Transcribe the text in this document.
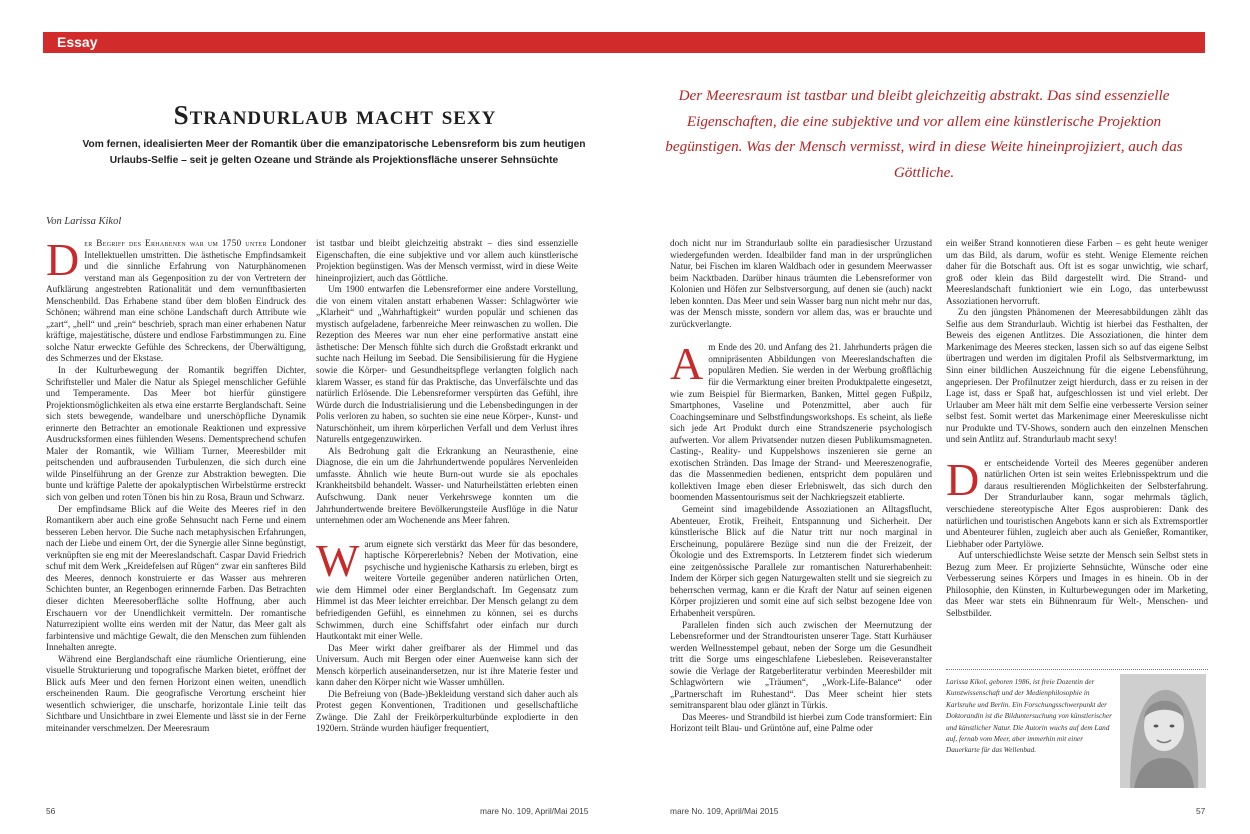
Essay
Strandurlaub macht sexy
Vom fernen, idealisierten Meer der Romantik über die emanzipatorische Lebensreform bis zum heutigen Urlaubs-Selfie – seit je gelten Ozeane und Strände als Projektionsfläche unserer Sehnsüchte
Der Meeresraum ist tastbar und bleibt gleichzeitig abstrakt. Das sind essenzielle Eigenschaften, die eine subjektive und vor allem eine künstlerische Projektion begünstigen. Was der Mensch vermisst, wird in diese Weite hineinprojiziert, auch das Göttliche.
Von Larissa Kikol

Der Begriff des Erhabenen war um 1750 unter Londoner Intellektuellen umstritten. Die ästhetische Empfindsamkeit und die sinnliche Erfahrung von Naturphänomenen verstand man als Gegenposition zu der von Vertretern der Aufklärung angestrebten Rationalität und dem vernunftbasierten Menschenbild. Das Erhabene stand über dem bloßen Eindruck des Schönen; während man eine schöne Landschaft durch Attribute wie „zart“, „hell“ und „rein“ beschrieb, sprach man einer erhabenen Natur kräftige, majestätische, düstere und endlose Farbstimmungen zu. Eine solche Natur erweckte Gefühle des Schreckens, der Überwältigung, des Schmerzes und der Ekstase.

In der Kulturbewegung der Romantik begriffen Dichter, Schriftsteller und Maler die Natur als Spiegel menschlicher Gefühle und Temperamente. Das Meer bot hierfür günstigere Projektionsmöglichkeiten als etwa eine erstarrte Berglandschaft. Seine sich stets bewegende, wandelbare und unerschöpfliche Dynamik erinnerte den Betrachter an emotionale Reaktionen und expressive Ausdrucksformen eines fühlenden Wesens. Dementsprechend schufen Maler der Romantik, wie William Turner, Meeresbilder mit peitschenden und aufbrausenden Turbulenzen, die sich durch eine wilde Pinselführung an der Grenze zur Abstraktion bewegten. Die bunte und kräftige Palette der apokalyptischen Wirbelstürme erstreckt sich von gelben und roten Tönen bis hin zu Rosa, Braun und Schwarz.

Der empfindsame Blick auf die Weite des Meeres rief in den Romantikern aber auch eine große Sehnsucht nach Ferne und einem besseren Leben hervor. Die Suche nach metaphysischen Erfahrungen, nach der Liebe und einem Ort, der die Synergie aller Sinne begünstigt, verknüpften sie eng mit der Meereslandschaft. Caspar David Friedrich schuf mit dem Werk „Kreidefelsen auf Rügen“ zwar ein sanfteres Bild des Meeres, dennoch konstruierte er das Wasser aus mehreren Schichten bunter, an Regenbogen erinnernde Farben. Das Betrachten dieser dichten Meeresoberfläche sollte Hoffnung, aber auch Erschauern vor der Unendlichkeit vermitteln. Der romantische Naturrezipient wollte eins werden mit der Natur, das Meer galt als farbintensive und mächtige Gewalt, die den Menschen zum fühlenden Innehalten anregte.

Während eine Berglandschaft eine räumliche Orientierung, eine visuelle Strukturierung und topografische Marken bietet, eröffnet der Blick aufs Meer und den fernen Horizont einen weiten, unendlich erscheinenden Raum. Die geografische Verortung erscheint hier wesentlich schwieriger, die unscharfe, horizontale Linie teilt das Sichtbare und Unsichtbare in zwei Elemente und lässt sie in der Ferne miteinander verschmelzen. Der Meeresraum

ist tastbar und bleibt gleichzeitig abstrakt – dies sind essenzielle Eigenschaften, die eine subjektive und vor allem auch künstlerische Projektion begünstigen. Was der Mensch vermisst, wird in diese Weite hineinprojiziert, auch das Göttliche.

Um 1900 entwarfen die Lebensreformer eine andere Vorstellung, die von einem vitalen anstatt erhabenen Wasser: Schlagwörter wie „Klarheit“ und „Wahrhaftigkeit“ wurden populär und schienen das mystisch aufgeladene, farbenreiche Meer reinwaschen zu wollen. Die Rezeption des Meeres war nun eher eine performative anstatt eine ästhetische: Der Mensch fühlte sich durch die Großstadt erkrankt und suchte nach Heilung im Seebad. Die Sensibilisierung für die Hygiene sowie die Körper- und Gesundheitspflege verlangten folglich nach klarem Wasser, es stand für das Praktische, das Unverfälschte und das natürlich Erlösende. Die Lebensreformer verspürten das Gefühl, ihre Würde durch die Industrialisierung und die Lebensbedingungen in der Polis verloren zu haben, so suchten sie eine neue Körper-, Kunst- und Naturschönheit, um ihrem körperlichen Verfall und dem Verlust ihres Naturells entgegenzuwirken.

Als Bedrohung galt die Erkrankung an Neurasthenie, eine Diagnose, die ein um die Jahrhundertwende populäres Nervenleiden umfasste. Ähnlich wie heute Burn-out wurde sie als epochales Krankheitsbild behandelt. Wasser- und Naturheilstätten erlebten einen Aufschwung. Dank neuer Verkehrswege konnten um die Jahrhundertwende breitere Bevölkerungsteile Ausflüge in die Natur unternehmen oder am Wochenende ans Meer fahren.

Warum eignete sich verstärkt das Meer für das besondere, haptische Körpererlebnis? Neben der Motivation, eine psychische und hygienische Katharsis zu erleben, birgt es weitere Vorteile gegenüber anderen natürlichen Orten, wie dem Himmel oder einer Berglandschaft. Im Gegensatz zum Himmel ist das Meer leichter erreichbar. Der Mensch gelangt zu dem befriedigenden Gefühl, es einnehmen zu können, sei es durchs Schwimmen, durch eine Schiffsfahrt oder einfach nur durch Hautkontakt mit einer Welle.

Das Meer wirkt daher greifbarer als der Himmel und das Universum. Auch mit Bergen oder einer Auenweise kann sich der Mensch körperlich auseinandersetzen, nur ist ihre Materie fester und kann daher den Körper nicht wie Wasser umhüllen.

Die Befreiung von (Bade-)Bekleidung verstand sich daher auch als Protest gegen Konventionen, Traditionen und gesellschaftliche Zwänge. Die Zahl der Freikörperkulturbünde explodierte in den 1920ern. Strände wurden häufiger frequentiert,

doch nicht nur im Strandurlaub sollte ein paradiesischer Urzustand wiedergefunden werden. Idealbilder fand man in der ursprünglichen Natur, bei Fischen im klaren Waldbach oder in gesundem Meerwasser beim Nacktbaden. Darüber hinaus träumten die Lebensreformer von Kolonien und Höfen zur Selbstversorgung, auf denen sie (auch) nackt leben konnten. Das Meer und sein Wasser barg nun nicht mehr nur das, was der Mensch misste, sondern vor allem das, was er brauchte und zurückverlangte.

Am Ende des 20. und Anfang des 21. Jahrhunderts prägen die omnipräsenten Abbildungen von Meereslandschaften die populären Medien. Sie werden in der Werbung großflächig für die Vermarktung einer breiten Produktpalette eingesetzt, wie zum Beispiel für Biermarken, Banken, Mittel gegen Fußpilz, Smartphones, Vaseline und Potenzmittel, aber auch für Coachingseminare und Selbstfindungsworkshops. Es scheint, als ließe sich jede Art Produkt durch eine Strandszenerie psychologisch aufwerten. Vor allem Privatsender nutzen diesen Publikumsmagneten. Casting-, Reality- und Kuppelshows inszenieren sie gerne an exotischen Stränden. Das Image der Strand- und Meereszenografie, das die Massenmedien bedienen, entspricht dem populären und kollektiven Image eben dieser Erlebniswelt, das sich durch den boomenden Massentourismus seit der Nachkriegszeit etablierte.

Gemeint sind imagebildende Assoziationen an Alltagsflucht, Abenteuer, Erotik, Freiheit, Entspannung und Sicherheit. Der künstlerische Blick auf die Natur tritt nur noch marginal in Erscheinung, populärere Bezüge sind nun die der Freizeit, der Ökologie und des Extremsports. In Letzterem findet sich wiederum eine zeitgenössische Parallele zur romantischen Naturerhabenheit: Indem der Körper sich gegen Naturgewalten stellt und sie siegreich zu beherrschen vermag, kann er die Kraft der Natur auf seinen eigenen Körper projizieren und somit eine auf sich selbst bezogene Idee von Erhabenheit verspüren.

Parallelen finden sich auch zwischen der Meernutzung der Lebensreformer und der Strandtouristen unserer Tage. Statt Kurhäuser werden Wellnesstempel gebaut, neben der Sorge um die Gesundheit tritt die Sorge ums eingeschlafene Liebesleben. Reiseveranstalter sowie die Verlage der Ratgeberliteratur verbinden Meeresbilder mit Schlagwörtern wie „Träumen“, „Work-Life-Balance“ oder „Partnerschaft im Ruhestand“. Das Meer scheint hier stets semitransparent blau oder glänzt in Türkis.

Das Meeres- und Strandbild ist hierbei zum Code transformiert: Ein Horizont teilt Blau- und Grüntöne auf, eine Palme oder

ein weißer Strand konnotieren diese Farben – es geht heute weniger um das Bild, als darum, wofür es steht. Wenige Elemente reichen daher für die Botschaft aus. Oft ist es sogar unwichtig, wie scharf, groß oder klein das Bild dargestellt wird. Die Strand- und Meereslandschaft funktioniert wie ein Logo, das unterbewusst Assoziationen hervorruft.

Zu den jüngsten Phänomenen der Meeresabbildungen zählt das Selfie aus dem Strandurlaub. Wichtig ist hierbei das Festhalten, der Beweis des eigenen Antlitzes. Die Assoziationen, die hinter dem Markenimage des Meeres stecken, lassen sich so auf das eigene Selbst übertragen und werden im digitalen Profil als Selbstvermarktung, im Sinn einer bildlichen Auszeichnung für die eigene Lebensführung, angepriesen. Der Profilnutzer zeigt hierdurch, dass er zu reisen in der Lage ist, dass er Spaß hat, aufgeschlossen ist und viel erlebt. Der Urlauber am Meer hält mit dem Selfie eine verbesserte Version seiner selbst fest. Somit wertet das Markenimage einer Meereskulisse nicht nur Produkte und TV-Shows, sondern auch den einzelnen Menschen und sein Antlitz auf. Strandurlaub macht sexy!

Der entscheidende Vorteil des Meeres gegenüber anderen natürlichen Orten ist sein weites Erlebnisspektrum und die daraus resultierenden Möglichkeiten der Selbsterfahrung. Der Strandurlauber kann, sogar mehrmals täglich, verschiedene stereotypische Alter Egos ausprobieren: Dank des natürlichen und touristischen Angebots kann er sich als Extremsportler und Abenteurer fühlen, zugleich aber auch als Genießer, Romantiker, Liebhaber oder Partylöwe.

Auf unterschiedlichste Weise setzte der Mensch sein Selbst stets in Bezug zum Meer. Er projizierte Sehnsüchte, Wünsche oder eine Verbesserung seines Körpers und Images in es hinein. Ob in der Philosophie, den Künsten, in Kulturbewegungen oder im Marketing, das Meer war stets ein Bühnenraum für Welt-, Menschen- und Selbstbilder.

Larissa Kikol, geboren 1986, ist freie Dozentin der Kunstwissenschaft und der Medienphilosophie in Karlsruhe und Berlin. Ein Forschungsschwerpunkt der Doktorandin ist die Bilduntersuchung von künstlerischer und künstlicher Natur. Die Autorin wuchs auf dem Land auf, fernab vom Meer, aber immerhin mit einer Dauerkarte für das Wellenbad.
56	mare No. 109, April/Mai 2015	mare No. 109, April/Mai 2015	57
